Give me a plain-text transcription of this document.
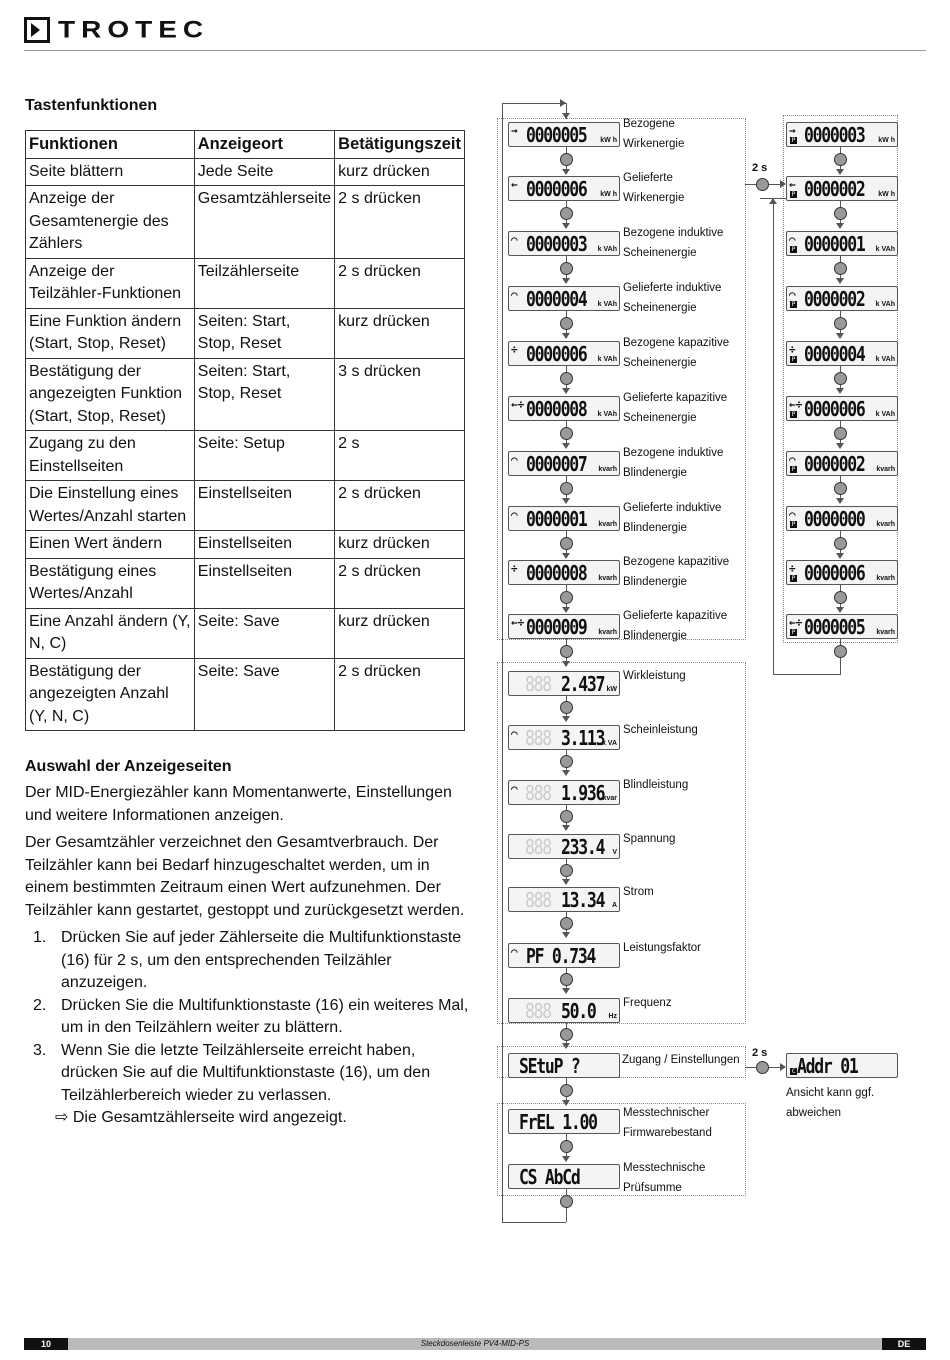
TROTEC
Tastenfunktionen
Funktionen	Anzeigeort	Betätigungszeit
Seite blättern	Jede Seite	kurz drücken
Anzeige der Gesamtenergie des Zählers	Gesamtzählerseite	2 s drücken
Anzeige der Teilzähler-Funktionen	Teilzählerseite	2 s drücken
Eine Funktion ändern (Start, Stop, Reset)	Seiten: Start, Stop, Reset	kurz drücken
Bestätigung der angezeigten Funktion (Start, Stop, Reset)	Seiten: Start, Stop, Reset	3 s drücken
Zugang zu den Einstellseiten	Seite: Setup	2 s
Die Einstellung eines Wertes/Anzahl starten	Einstellseiten	2 s drücken
Einen Wert ändern	Einstellseiten	kurz drücken
Bestätigung eines Wertes/Anzahl	Einstellseiten	2 s drücken
Eine Anzahl ändern (Y, N, C)	Seite: Save	kurz drücken
Bestätigung der angezeigten Anzahl (Y, N, C)	Seite: Save	2 s drücken
Auswahl der Anzeigeseiten

Der MID-Energiezähler kann Momentanwerte, Einstellungen und weitere Informationen anzeigen.

Der Gesamtzähler verzeichnet den Gesamtverbrauch. Der Teilzähler kann bei Bedarf hinzugeschaltet werden, um in einem bestimmten Zeitraum einen Wert aufzunehmen. Der Teilzähler kann gestartet, gestoppt und zurückgesetzt werden.

1. Drücken Sie auf jeder Zählerseite die Multifunktionstaste (16) für 2 s, um den entsprechenden Teilzähler anzuzeigen.
2. Drücken Sie die Multifunktionstaste (16) ein weiteres Mal, um in den Teilzählern weiter zu blättern.
3. Wenn Sie die letzte Teilzählerseite erreicht haben, drücken Sie auf die Multifunktionstaste (16), um den Teilzählerbereich wieder zu verlassen.
⇨ Die Gesamtzählerseite wird angezeigt.
→ 0000005 kW h
Bezogene
Wirkenergie
← 0000006 kW h
Gelieferte
Wirkenergie
⌒ 0000003 k VAh
Bezogene induktive
Scheinenergie
⌒ 0000004 k VAh
Gelieferte induktive
Scheinenergie
÷ 0000006 k VAh
Bezogene kapazitive
Scheinenergie
←÷ 0000008 k VAh
Gelieferte kapazitive
Scheinenergie
⌒ 0000007 kvarh
Bezogene induktive
Blindenergie
⌒ 0000001 kvarh
Gelieferte induktive
Blindenergie
÷ 0000008 kvarh
Bezogene kapazitive
Blindenergie
←÷ 0000009 kvarh
Gelieferte kapazitive
Blindenergie
→ 0000003 kW h
P
← 0000002 kW h
P
⌒ 0000001 k VAh
P
⌒ 0000002 k VAh
P
÷ 0000004 k VAh
P
←÷ 0000006 k VAh
P
⌒ 0000002 kvarh
P
⌒ 0000000 kvarh
P
÷ 0000006 kvarh
P
←÷ 0000005 kvarh
P
2 s
888 2.437 kW
Wirkleistung
888
⌒ 3.113
k VA
Scheinleistung
888
⌒ 1.936
kvar
Blindleistung
888 233.4 V
Spannung
888 13.34 A
Strom
⌒ PF 0.734 Leistungsfaktor
888 50.0 Hz
Frequenz
SEtuP ?	Zugang / Einstellungen
2 s
Addr 01
C
Ansicht kann ggf.
abweichen
FrEL 1.00 Messtechnischer
Firmwarebestand
CS AbCd	Messtechnische
Prüfsumme
10	Steckdosenleiste PV4-MID-PS	DE
